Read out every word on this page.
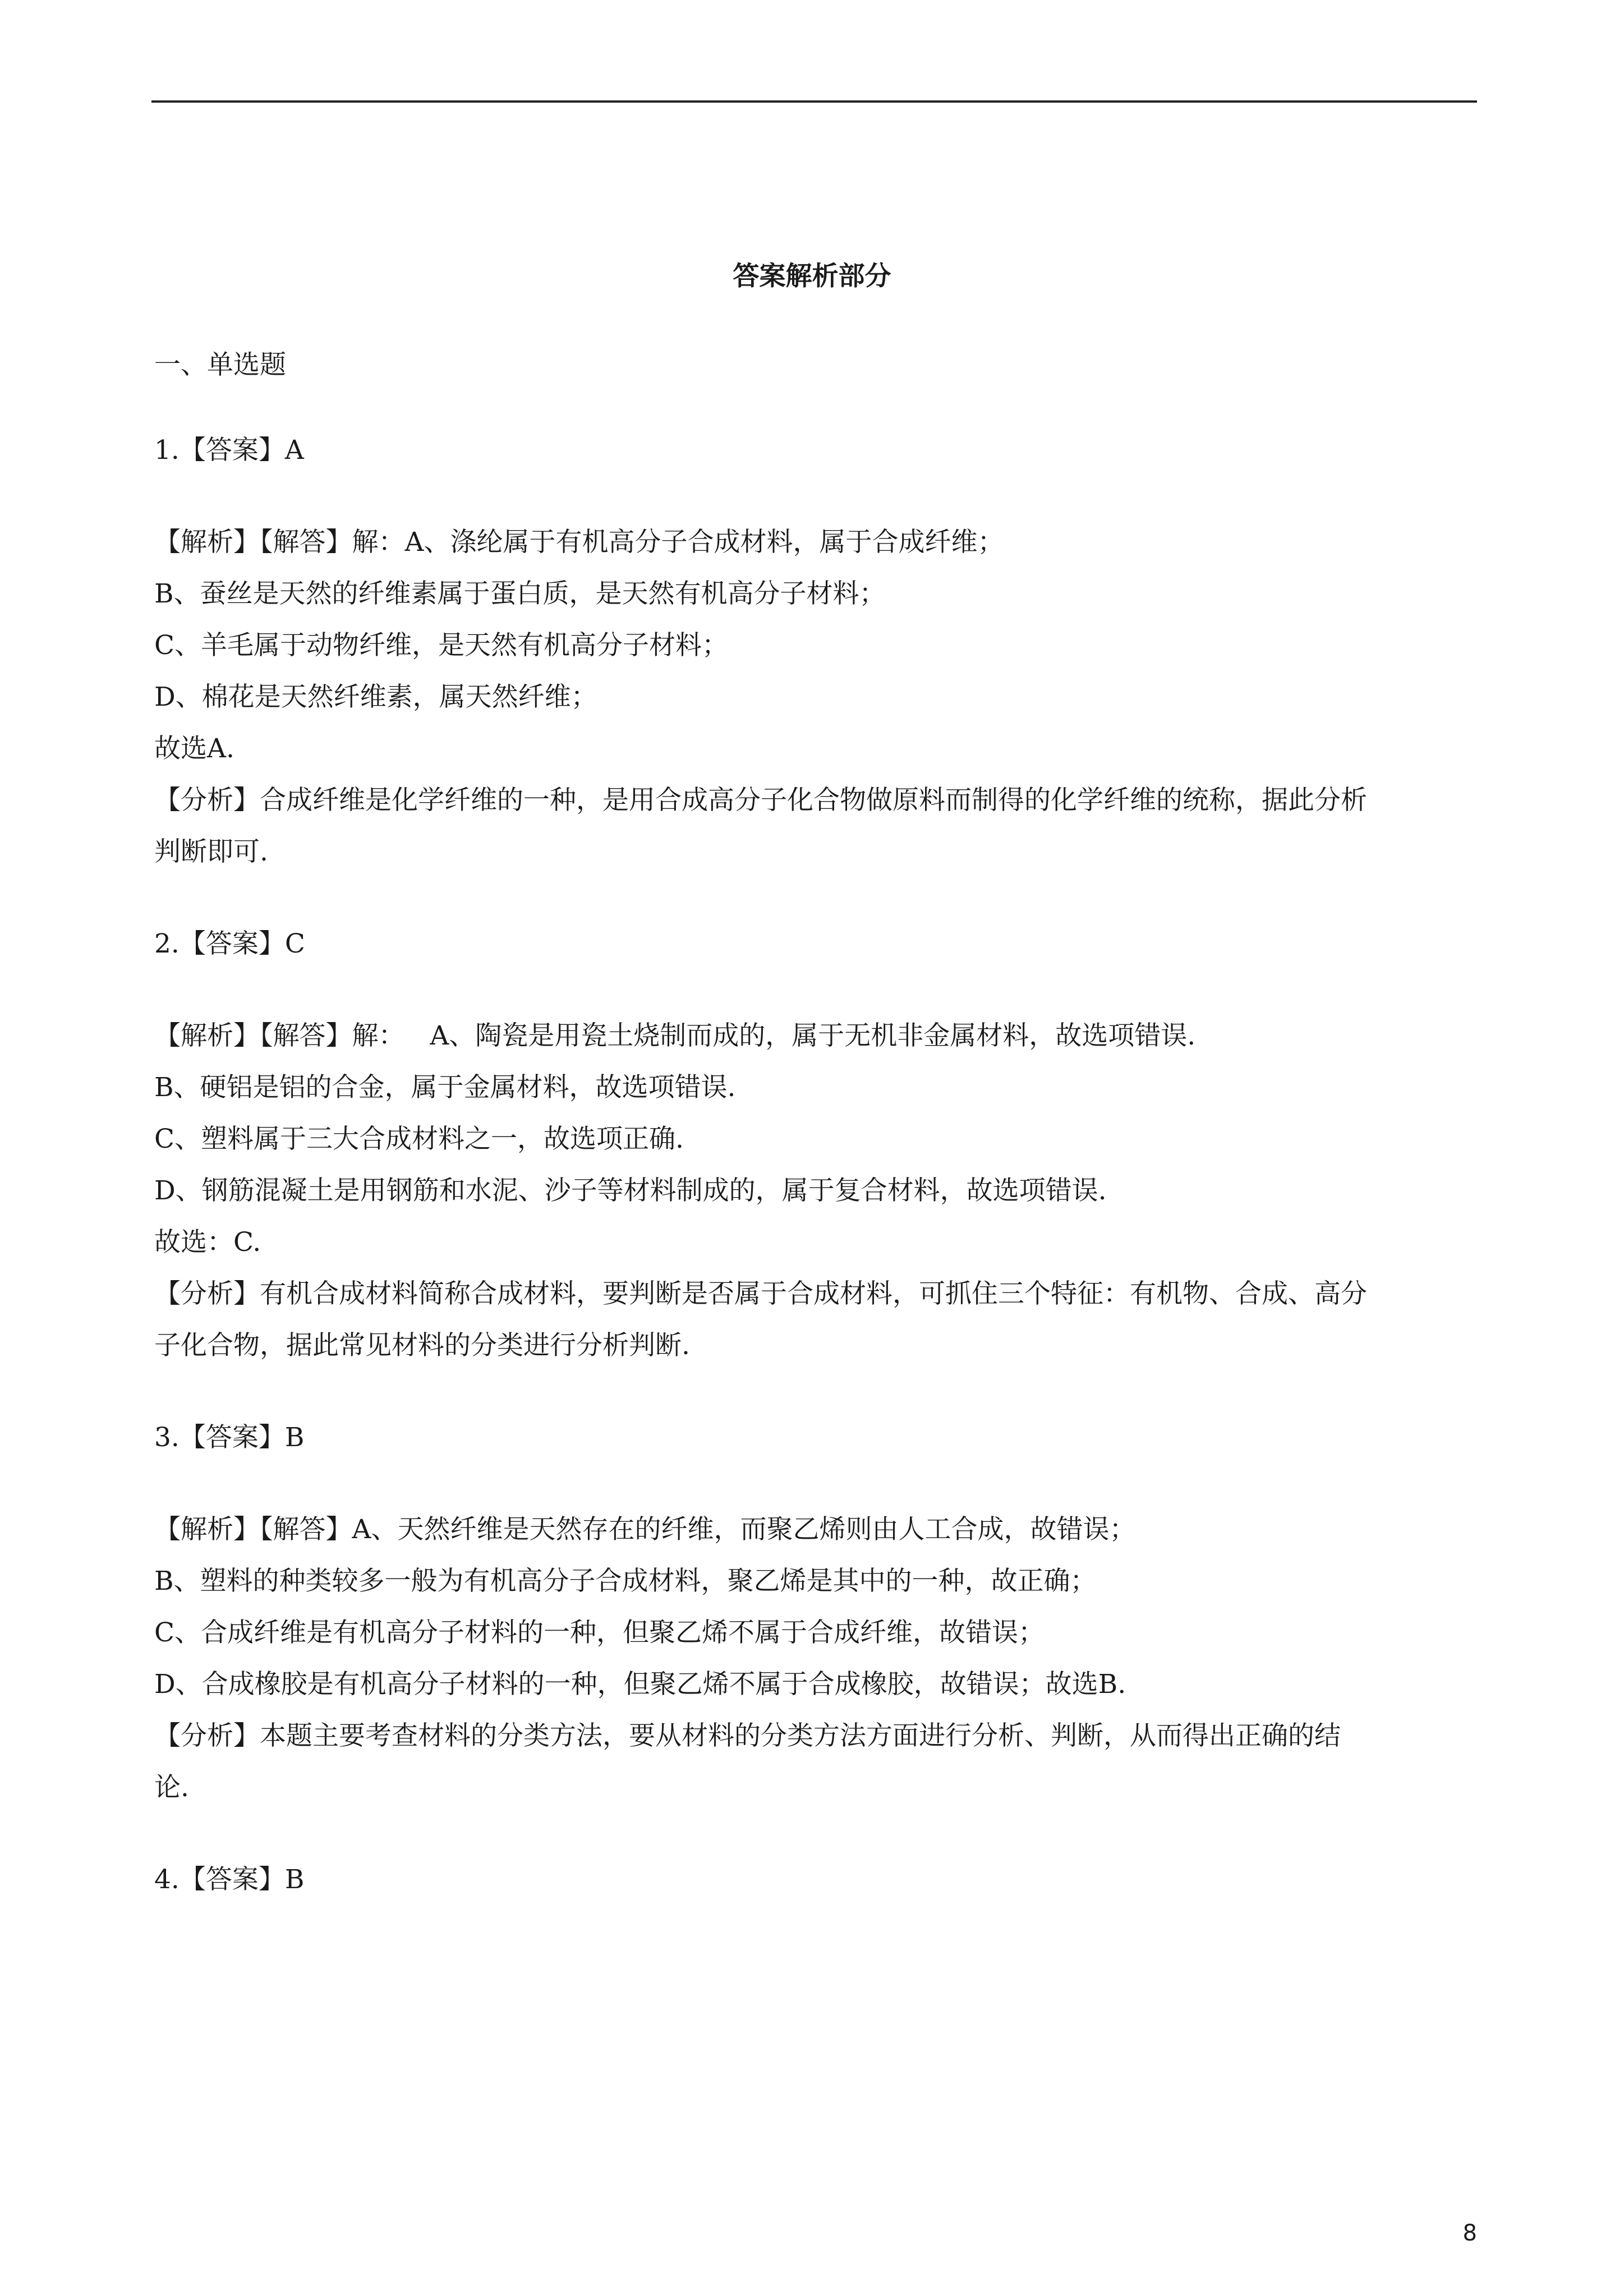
答案解析部分
一、单选题
1.【答案】A
【解析】【解答】解：A、涤纶属于有机高分子合成材料，属于合成纤维；
B、蚕丝是天然的纤维素属于蛋白质，是天然有机高分子材料；
C、羊毛属于动物纤维，是天然有机高分子材料；
D、棉花是天然纤维素，属天然纤维；
故选A.
【分析】合成纤维是化学纤维的一种，是用合成高分子化合物做原料而制得的化学纤维的统称，据此分析
判断即可.
2.【答案】C
【解析】【解答】解：   A、陶瓷是用瓷土烧制而成的，属于无机非金属材料，故选项错误.
B、硬铝是铝的合金，属于金属材料，故选项错误.
C、塑料属于三大合成材料之一，故选项正确.
D、钢筋混凝土是用钢筋和水泥、沙子等材料制成的，属于复合材料，故选项错误.
故选：C.
【分析】有机合成材料简称合成材料，要判断是否属于合成材料，可抓住三个特征：有机物、合成、高分
子化合物，据此常见材料的分类进行分析判断.
3.【答案】B
【解析】【解答】A、天然纤维是天然存在的纤维，而聚乙烯则由人工合成，故错误；
B、塑料的种类较多一般为有机高分子合成材料，聚乙烯是其中的一种，故正确；
C、合成纤维是有机高分子材料的一种，但聚乙烯不属于合成纤维，故错误；
D、合成橡胶是有机高分子材料的一种，但聚乙烯不属于合成橡胶，故错误；故选B.
【分析】本题主要考查材料的分类方法，要从材料的分类方法方面进行分析、判断，从而得出正确的结
论.
4.【答案】B
8
